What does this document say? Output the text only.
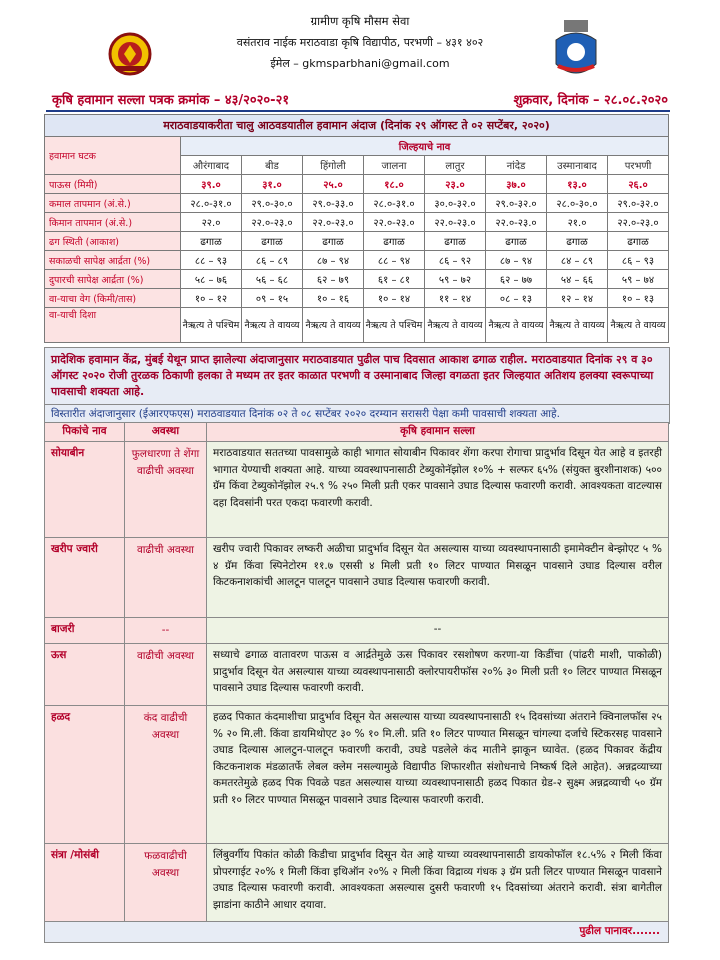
ग्रामीण कृषि मौसम सेवा
वसंतराव नाईक मराठवाडा कृषि विद्यापीठ, परभणी – ४३१ ४०२
ईमेल – gkmsparbhani@gmail.com
कृषि हवामान सल्ला पत्रक क्रमांक – ४३/२०२०-२१	शुक्रवार, दिनांक – २८.०८.२०२०
मराठवाडयाकरीता चालु आठवडयातील हवामान अंदाज (दिनांक २९ ऑगस्ट ते ०२ सप्टेंबर, २०२०)								
हवामान घटक	जिल्हयाचे नाव							
	औरंगाबाद	बीड	हिंगोली	जालना	लातुर	नांदेड	उस्मानाबाद	परभणी
पाऊस (मिमी)	३९.०	३१.०	२५.०	१८.०	२३.०	३७.०	१३.०	२६.०
कमाल तापमान (अं.से.)	२८.०-३१.०	२९.०-३०.०	२९.०-३३.०	२८.०-३१.०	३०.०-३२.०	२९.०-३२.०	२८.०-३०.०	२९.०-३२.०
किमान तापमान (अं.से.)	२२.०	२२.०-२३.०	२२.०-२३.०	२२.०-२३.०	२२.०-२३.०	२२.०-२३.०	२१.०	२२.०-२३.०
ढग स्थिती (आकाश)	ढगाळ	ढगाळ	ढगाळ	ढगाळ	ढगाळ	ढगाळ	ढगाळ	ढगाळ
सकाळची सापेक्ष आर्द्रता (%)	८८ – ९३	८६ – ८९	८७ – ९४	८८ – ९४	८६ – ९२	८७ – ९४	८४ – ८९	८६ – ९३
दुपारची सापेक्ष आर्द्रता (%)	५८ – ७६	५६ – ६८	६२ – ७९	६१ – ८१	५९ – ७२	६२ – ७७	५४ – ६६	५९ – ७४
वा-याचा वेग (किमी/तास)	१० – १२	०९ – १५	१० – १६	१० – १४	११ – १४	०८ – १३	१२ – १४	१० – १३
वा-याची दिशा	नैऋत्य ते पश्चिम	नैऋत्य ते वायव्य	नैऋत्य ते वायव्य	नैऋत्य ते पश्चिम	नैऋत्य ते वायव्य	नैऋत्य ते वायव्य	नैऋत्य ते वायव्य	नैऋत्य ते वायव्य
प्रादेशिक हवामान केंद्र, मुंबई येथून प्राप्त झालेल्या अंदाजानुसार मराठवाडयात पुढील पाच दिवसात आकाश ढगाळ राहील. मराठवाडयात दिनांक २९ व ३० ऑगस्ट २०२० रोजी तुरळक ठिकाणी हलका ते मध्यम तर इतर काळात परभणी व उस्मानाबाद जिल्हा वगळता इतर जिल्हयात अतिशय हलक्या स्वरूपाच्या पावसाची शक्यता आहे.
विस्तारीत अंदाजानुसार (ईआरएफएस) मराठवाडयात दिनांक ०२ ते ०८ सप्टेंबर २०२० दरम्यान सरासरी पेक्षा कमी पावसाची शक्यता आहे.
पिकांचे नाव	अवस्था	कृषि हवामान सल्ला
सोयाबीन	फुलधारणा ते शेंगा वाढीची अवस्था	मराठवाडयात सततच्या पावसामुळे काही भागात सोयाबीन पिकावर शेंगा करपा रोगाचा प्रादुर्भाव दिसून येत आहे व इतरही भागात येण्याची शक्यता आहे. याच्या व्यवस्थापनासाठी टेब्युकोनॅझोल १०% + सल्फर ६५% (संयुक्त बुरशीनाशक) ५०० ग्रॅम किंवा टेब्युकोनॅझोल २५.९ % २५० मिली प्रती एकर पावसाने उघाड दिल्यास फवारणी करावी. आवश्यकता वाटल्यास दहा दिवसांनी परत एकदा फवारणी करावी.
खरीप ज्वारी	वाढीची अवस्था	खरीप ज्वारी पिकावर लष्करी अळीचा प्रादुर्भाव दिसून येत असल्यास याच्या व्यवस्थापनासाठी इमामेक्टीन बेन्झोएट ५ % ४ ग्रॅम किंवा स्पिनेटोरम ११.७ एससी ४ मिली प्रती १० लिटर पाण्यात मिसळून पावसाने उघाड दिल्यास वरील किटकनाशकांची आलटून पालटून पावसाने उघाड दिल्यास फवारणी करावी.
बाजरी	--	--
ऊस	वाढीची अवस्था	सध्याचे ढगाळ वातावरण पाऊस व आर्द्रतेमुळे ऊस पिकावर रसशोषण करणा-या किडींचा (पांढरी माशी, पाकोळी) प्रादुर्भाव दिसून येत असल्यास याच्या व्यवस्थापनासाठी क्लोरपायरीफॉस २०% ३० मिली प्रती १० लिटर पाण्यात मिसळून पावसाने उघाड दिल्यास फवारणी करावी.
हळद	कंद वाढीची अवस्था	हळद पिकात कंदमाशीचा प्रादुर्भाव दिसून येत असल्यास याच्या व्यवस्थापनासाठी १५ दिवसांच्या अंतराने क्विनालफॉस २५ % २० मि.ली. किंवा डायमिथोएट ३० % १० मि.ली. प्रति १० लिटर पाण्यात मिसळून चांगल्या दर्जाचे स्टिकरसह पावसाने उघाड दिल्यास आलटुन-पालटून फवारणी करावी, उघडे पडलेले कंद मातीने झाकून घ्यावेत. (हळद पिकावर केंद्रीय किटकनाशक मंडळातर्फे लेबल क्लेम नसल्यामुळे विद्यापीठ शिफारशीत संशोधनाचे निष्कर्ष दिले आहेत). अन्नद्रव्याच्या कमतरतेमुळे हळद पिक पिवळे पडत असल्यास याच्या व्यवस्थापनासाठी हळद पिकात ग्रेड-२ सुक्ष्म अन्नद्रव्याची ५० ग्रॅम प्रती १० लिटर पाण्यात मिसळून पावसाने उघाड दिल्यास फवारणी करावी.
संत्रा /मोसंबी	फळवाढीची अवस्था	लिंबुवर्गीय पिकांत कोळी किडीचा प्रादुर्भाव दिसून येत आहे याच्या व्यवस्थापनासाठी डायकोफॉल १८.५% २ मिली किंवा प्रोपरगाईट २०% १ मिली किंवा इथिऑन २०% २ मिली किंवा विद्राव्य गंधक ३ ग्रॅम प्रती लिटर पाण्यात मिसळून पावसाने उघाड दिल्यास फवारणी करावी. आवश्यकता असल्यास दुसरी फवारणी १५ दिवसांच्या अंतराने करावी. संत्रा बागेतील झाडांना काठीने आधार दयावा.
पुढील पानावर.......		
